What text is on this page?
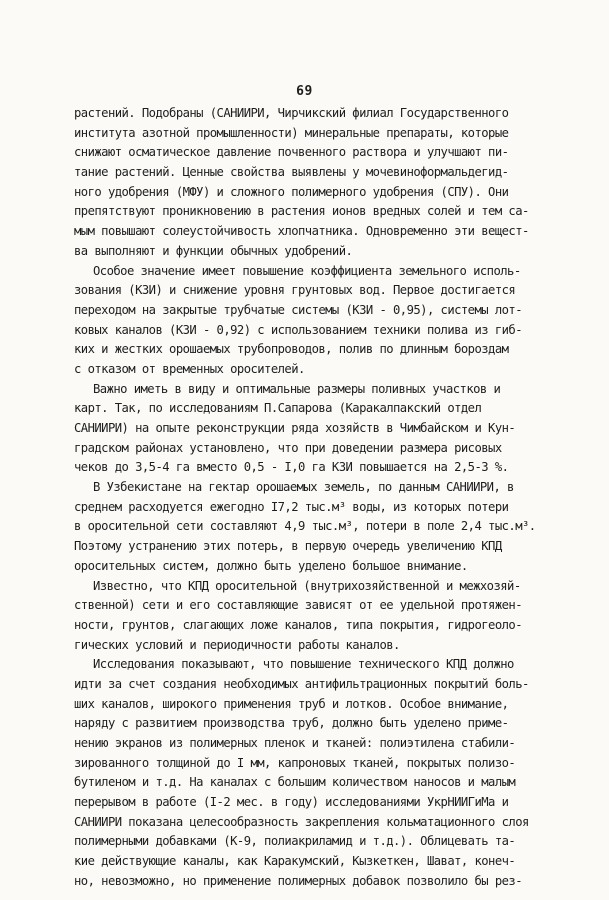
69
растений. Подобраны (САНИИРИ, Чирчикский филиал Государственного
института азотной промышленности) минеральные препараты, которые
снижают осматическое давление почвенного раствора и улучшают пи-
тание растений. Ценные свойства выявлены у мочевиноформальдегид-
ного удобрения (МФУ) и сложного полимерного удобрения (СПУ). Они
препятствуют проникновению в растения ионов вредных солей и тем са-
мым повышают солеустойчивость хлопчатника. Одновременно эти вещест-
ва выполняют и функции обычных удобрений.
Особое значение имеет повышение коэффициента земельного исполь-
зования (КЗИ) и снижение уровня грунтовых вод. Первое достигается
переходом на закрытые трубчатые системы (КЗИ - 0,95), системы лот-
ковых каналов (КЗИ - 0,92) с использованием техники полива из гиб-
ких и жестких орошаемых трубопроводов, полив по длинным бороздам
с отказом от временных оросителей.
Важно иметь в виду и оптимальные размеры поливных участков и
карт. Так, по исследованиям П.Сапарова (Каракалпакский отдел
САНИИРИ) на опыте реконструкции ряда хозяйств в Чимбайском и Кун-
градском районах установлено, что при доведении размера рисовых
чеков до 3,5-4 га вместо 0,5 - I,0 га КЗИ повышается на 2,5-3 %.
В Узбекистане на гектар орошаемых земель, по данным САНИИРИ, в
среднем расходуется ежегодно I7,2 тыс.м³ воды, из которых потери
в оросительной сети составляют 4,9 тыс.м³, потери в поле 2,4 тыс.м³.
Поэтому устранению этих потерь, в первую очередь увеличению КПД
оросительных систем, должно быть уделено большое внимание.
Известно, что КПД оросительной (внутрихозяйственной и межхозяй-
ственной) сети и его составляющие зависят от ее удельной протяжен-
ности, грунтов, слагающих ложе каналов, типа покрытия, гидрогеоло-
гических условий и периодичности работы каналов.
Исследования показывают, что повышение технического КПД должно
идти за счет создания необходимых антифильтрационных покрытий боль-
ших каналов, широкого применения труб и лотков. Особое внимание,
наряду с развитием производства труб, должно быть уделено приме-
нению экранов из полимерных пленок и тканей: полиэтилена стабили-
зированного толщиной до I мм, капроновых тканей, покрытых полизо-
бутиленом и т.д. На каналах с большим количеством наносов и малым
перерывом в работе (I-2 мес. в году) исследованиями УкрНИИГиМа и
САНИИРИ показана целесообразность закрепления кольматационного слоя
полимерными добавками (К-9, полиакриламид и т.д.). Облицевать та-
кие действующие каналы, как Каракумский, Кызкеткен, Шават, конеч-
но, невозможно, но применение полимерных добавок позволило бы рез-
